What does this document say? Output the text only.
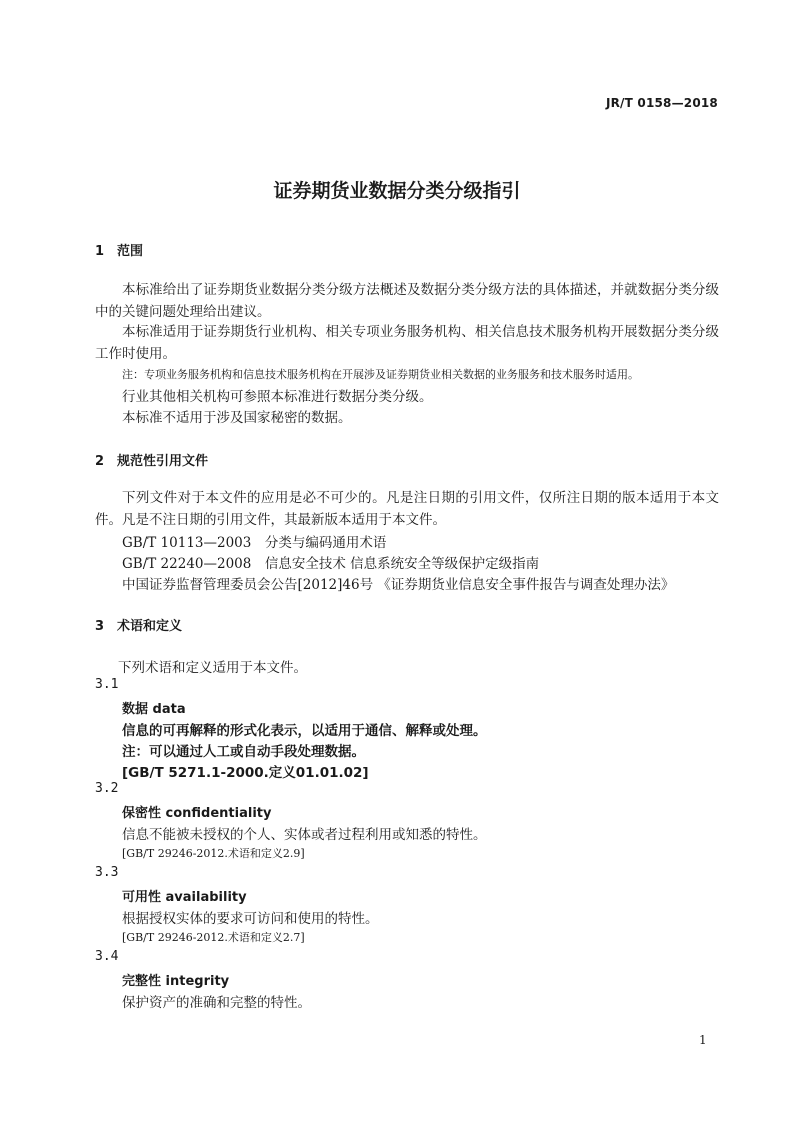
JR/T 0158—2018
证券期货业数据分类分级指引
1 范围
本标准给出了证券期货业数据分类分级方法概述及数据分类分级方法的具体描述，并就数据分类分级中的关键问题处理给出建议。
本标准适用于证券期货行业机构、相关专项业务服务机构、相关信息技术服务机构开展数据分类分级工作时使用。
注：专项业务服务机构和信息技术服务机构在开展涉及证券期货业相关数据的业务服务和技术服务时适用。
行业其他相关机构可参照本标准进行数据分类分级。
本标准不适用于涉及国家秘密的数据。
2 规范性引用文件
下列文件对于本文件的应用是必不可少的。凡是注日期的引用文件，仅所注日期的版本适用于本文件。凡是不注日期的引用文件，其最新版本适用于本文件。
GB/T 10113—2003　分类与编码通用术语
GB/T 22240—2008　信息安全技术 信息系统安全等级保护定级指南
中国证券监督管理委员会公告[2012]46号 《证券期货业信息安全事件报告与调查处理办法》
3 术语和定义
下列术语和定义适用于本文件。
3.1
数据 data
信息的可再解释的形式化表示，以适用于通信、解释或处理。
注：可以通过人工或自动手段处理数据。
[GB/T 5271.1-2000.定义01.01.02]
3.2
保密性 confidentiality
信息不能被未授权的个人、实体或者过程利用或知悉的特性。
[GB/T 29246-2012.术语和定义2.9]
3.3
可用性 availability
根据授权实体的要求可访问和使用的特性。
[GB/T 29246-2012.术语和定义2.7]
3.4
完整性 integrity
保护资产的准确和完整的特性。
1
